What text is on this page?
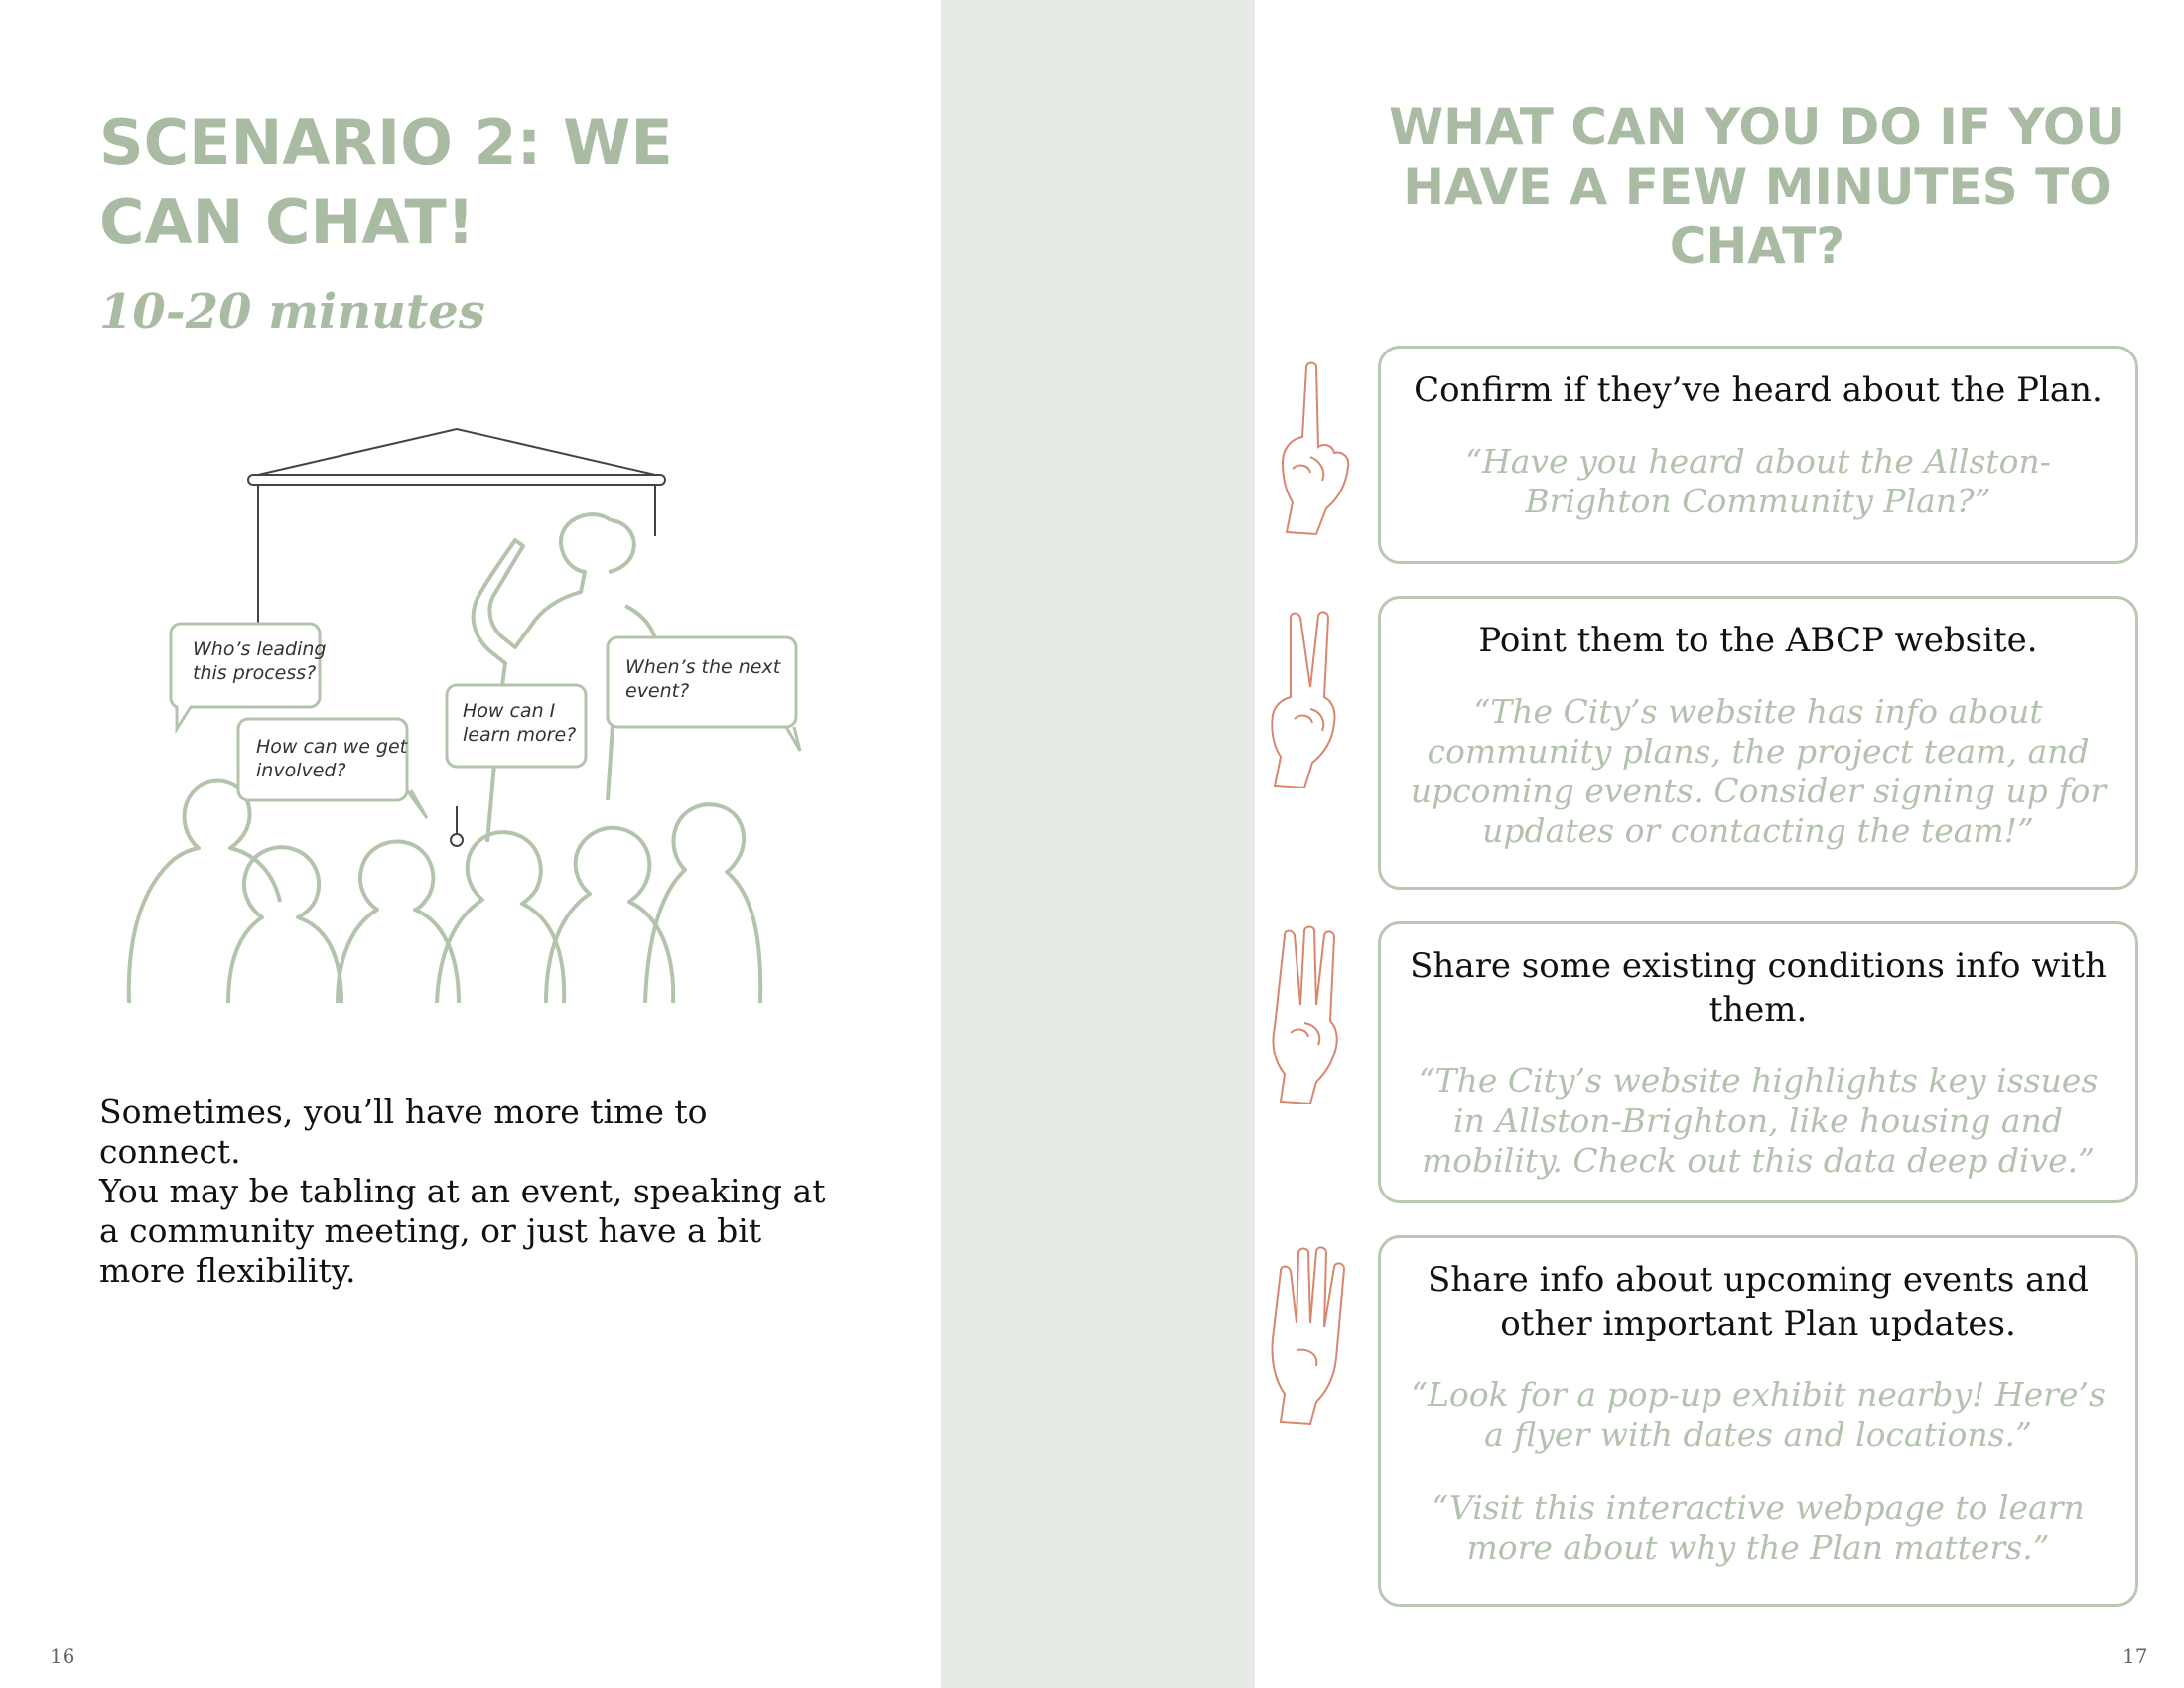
SCENARIO 2: WE CAN CHAT!
10-20 minutes
Who’s leading
this process?
How can we get
involved?
How can I
learn more?
When’s the next
event?

Sometimes, you’ll have more time to connect.

You may be tabling at an event, speaking at a community meeting, or just have a bit more flexibility.

16
WHAT CAN YOU DO IF YOU HAVE A FEW MINUTES TO CHAT?
Confirm if they’ve heard about the Plan.

“Have you heard about the Allston-Brighton Community Plan?”

Point them to the ABCP website.

“The City’s website has info about community plans, the project team, and upcoming events. Consider signing up for updates or contacting the team!”

Share some existing conditions info with them.

“The City’s website highlights key issues in Allston-Brighton, like housing and mobility. Check out this data deep dive.”

Share info about upcoming events and other important Plan updates.

“Look for a pop-up exhibit nearby! Here’s a flyer with dates and locations.”

“Visit this interactive webpage to learn more about why the Plan matters.”

17
